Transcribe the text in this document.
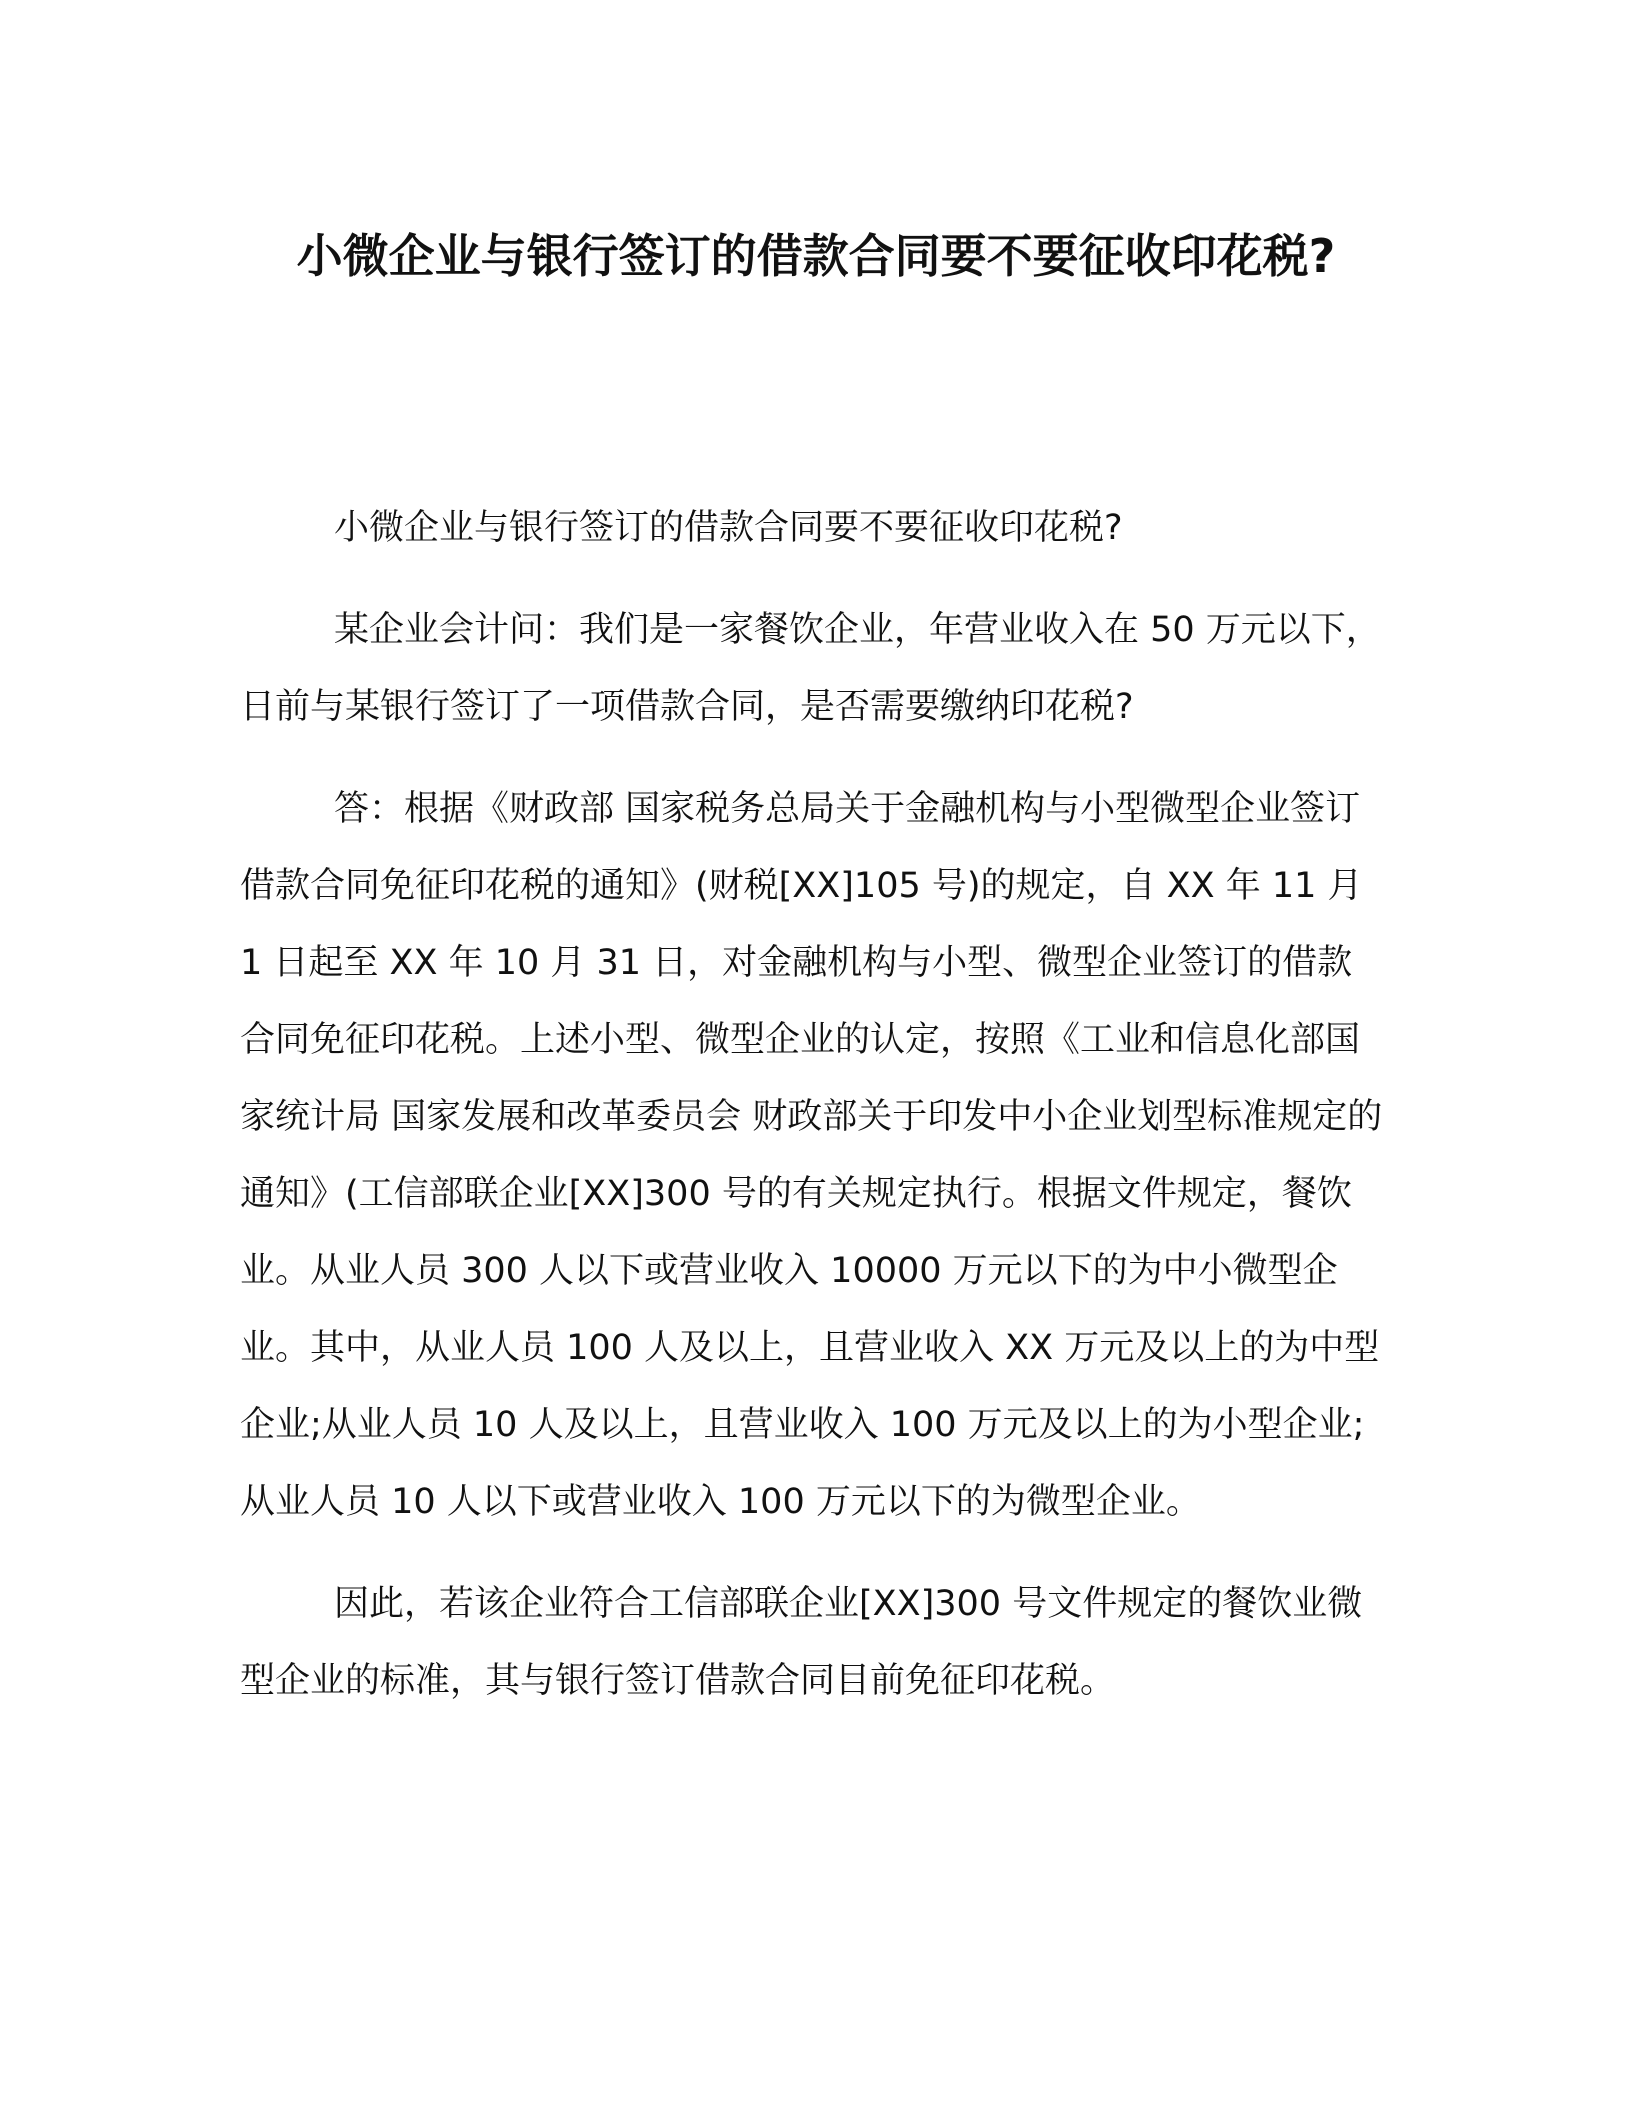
小微企业与银行签订的借款合同要不要征收印花税?

小微企业与银行签订的借款合同要不要征收印花税?

某企业会计问：我们是一家餐饮企业，年营业收入在 50 万元以下，日前与某银行签订了一项借款合同，是否需要缴纳印花税?

答：根据《财政部 国家税务总局关于金融机构与小型微型企业签订借款合同免征印花税的通知》(财税[XX]105 号)的规定，自 XX 年 11 月 1 日起至 XX 年 10 月 31 日，对金融机构与小型、微型企业签订的借款合同免征印花税。上述小型、微型企业的认定，按照《工业和信息化部国家统计局 国家发展和改革委员会 财政部关于印发中小企业划型标准规定的通知》(工信部联企业[XX]300 号的有关规定执行。根据文件规定，餐饮业。从业人员 300 人以下或营业收入 10000 万元以下的为中小微型企业。其中，从业人员 100 人及以上，且营业收入 XX 万元及以上的为中型企业;从业人员 10 人及以上，且营业收入 100 万元及以上的为小型企业;从业人员 10 人以下或营业收入 100 万元以下的为微型企业。

因此，若该企业符合工信部联企业[XX]300 号文件规定的餐饮业微型企业的标准，其与银行签订借款合同目前免征印花税。
